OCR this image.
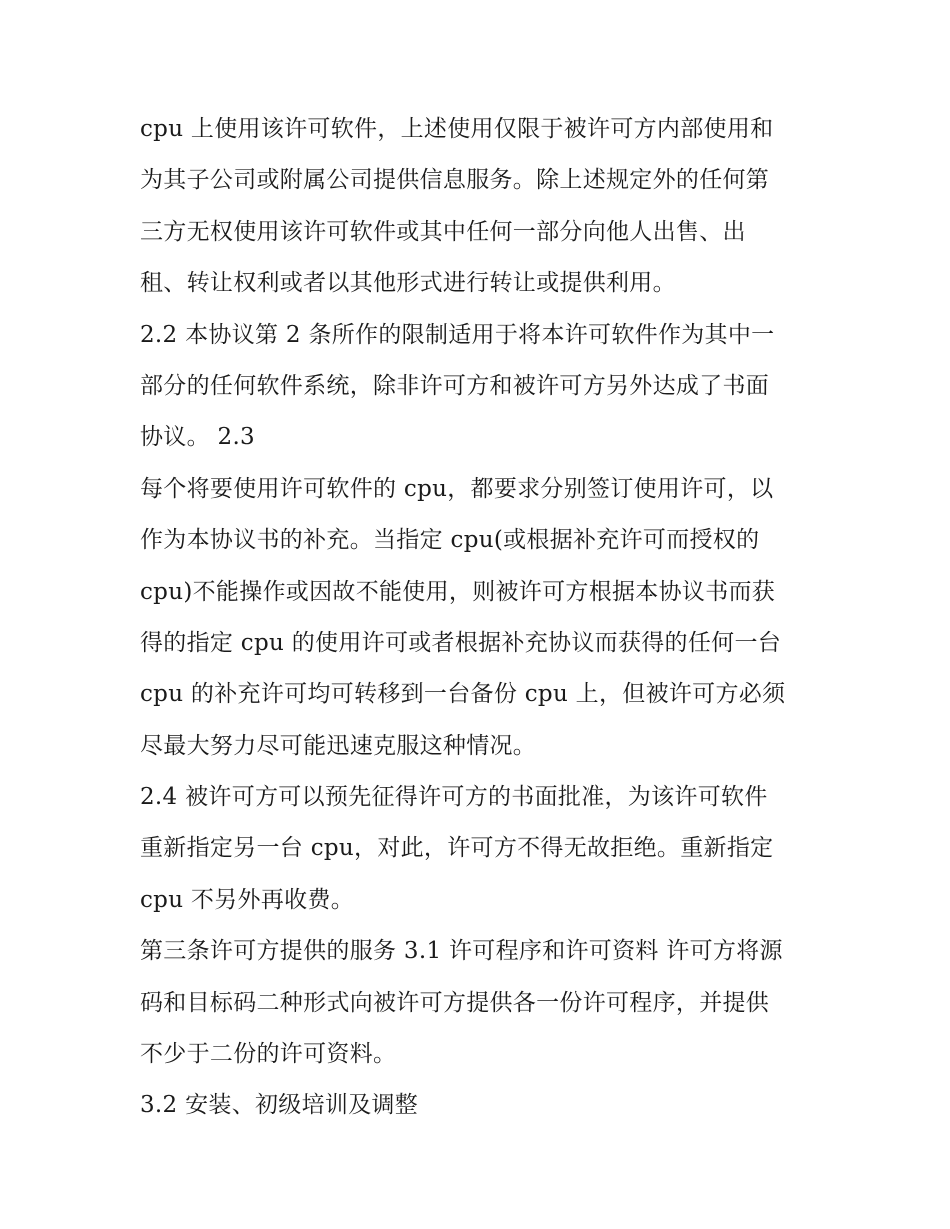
cpu 上使用该许可软件，上述使用仅限于被许可方内部使用和
为其子公司或附属公司提供信息服务。除上述规定外的任何第
三方无权使用该许可软件或其中任何一部分向他人出售、出
租、转让权利或者以其他形式进行转让或提供利用。
2.2 本协议第 2 条所作的限制适用于将本许可软件作为其中一
部分的任何软件系统，除非许可方和被许可方另外达成了书面
协议。 2.3
每个将要使用许可软件的 cpu，都要求分别签订使用许可，以
作为本协议书的补充。当指定 cpu(或根据补充许可而授权的
cpu)不能操作或因故不能使用，则被许可方根据本协议书而获
得的指定 cpu 的使用许可或者根据补充协议而获得的任何一台
cpu 的补充许可均可转移到一台备份 cpu 上，但被许可方必须
尽最大努力尽可能迅速克服这种情况。
2.4 被许可方可以预先征得许可方的书面批准，为该许可软件
重新指定另一台 cpu，对此，许可方不得无故拒绝。重新指定
cpu 不另外再收费。
第三条许可方提供的服务 3.1 许可程序和许可资料 许可方将源
码和目标码二种形式向被许可方提供各一份许可程序，并提供
不少于二份的许可资料。
3.2 安装、初级培训及调整
